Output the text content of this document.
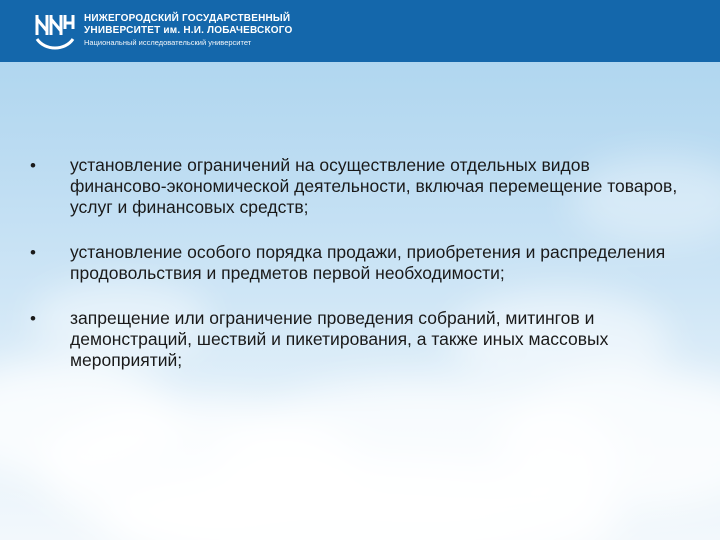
НИЖЕГОРОДСКИЙ ГОСУДАРСТВЕННЫЙ
УНИВЕРСИТЕТ им. Н.И. ЛОБАЧЕВСКОГО
Национальный исследовательский университет
• установление ограничений на осуществление отдельных видов финансово-экономической деятельности, включая перемещение товаров, услуг и финансовых средств;
• установление особого порядка продажи, приобретения и распределения продовольствия и предметов первой необходимости;
• запрещение или ограничение проведения собраний, митингов и демонстраций, шествий и пикетирования, а также иных массовых мероприятий;
